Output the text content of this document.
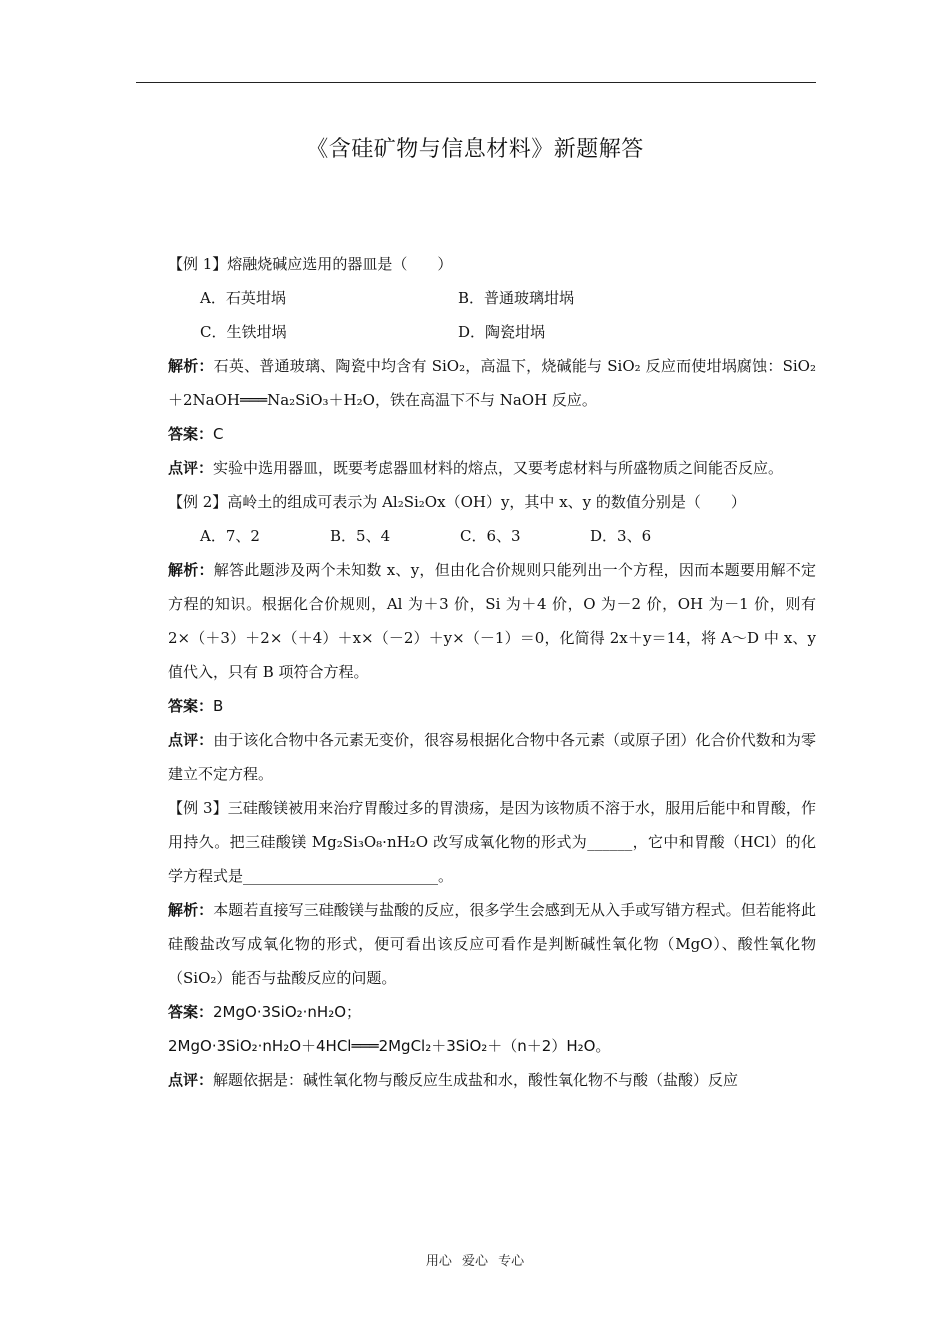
《含硅矿物与信息材料》新题解答

【例 1】熔融烧碱应选用的器皿是（　　）

A．石英坩埚	B．普通玻璃坩埚
C．生铁坩埚	D．陶瓷坩埚

解析：石英、普通玻璃、陶瓷中均含有 SiO₂，高温下，烧碱能与 SiO₂ 反应而使坩埚腐蚀：SiO₂＋2NaOH═══Na₂SiO₃＋H₂O，铁在高温下不与 NaOH 反应。

答案：C

点评：实验中选用器皿，既要考虑器皿材料的熔点，又要考虑材料与所盛物质之间能否反应。

【例 2】高岭土的组成可表示为 Al₂Si₂Ox（OH）y，其中 x、y 的数值分别是（　　）

A．7、2	B．5、4	C．6、3	D．3、6

解析：解答此题涉及两个未知数 x、y，但由化合价规则只能列出一个方程，因而本题要用解不定方程的知识。根据化合价规则，Al 为＋3 价，Si 为＋4 价，O 为－2 价，OH 为－1 价，则有 2×（＋3）＋2×（＋4）＋x×（－2）＋y×（－1）＝0，化简得 2x＋y＝14，将 A～D 中 x、y 值代入，只有 B 项符合方程。

答案：B

点评：由于该化合物中各元素无变价，很容易根据化合物中各元素（或原子团）化合价代数和为零建立不定方程。

【例 3】三硅酸镁被用来治疗胃酸过多的胃溃疡，是因为该物质不溶于水，服用后能中和胃酸，作用持久。把三硅酸镁 Mg₂Si₃O₈·nH₂O 改写成氧化物的形式为______，它中和胃酸（HCl）的化学方程式是__________________________。

解析：本题若直接写三硅酸镁与盐酸的反应，很多学生会感到无从入手或写错方程式。但若能将此硅酸盐改写成氧化物的形式，便可看出该反应可看作是判断碱性氧化物（MgO）、酸性氧化物（SiO₂）能否与盐酸反应的问题。

答案：2MgO·3SiO₂·nH₂O；

2MgO·3SiO₂·nH₂O＋4HCl═══2MgCl₂＋3SiO₂＋（n＋2）H₂O。

点评：解题依据是：碱性氧化物与酸反应生成盐和水，酸性氧化物不与酸（盐酸）反应

用心 爱心 专心
